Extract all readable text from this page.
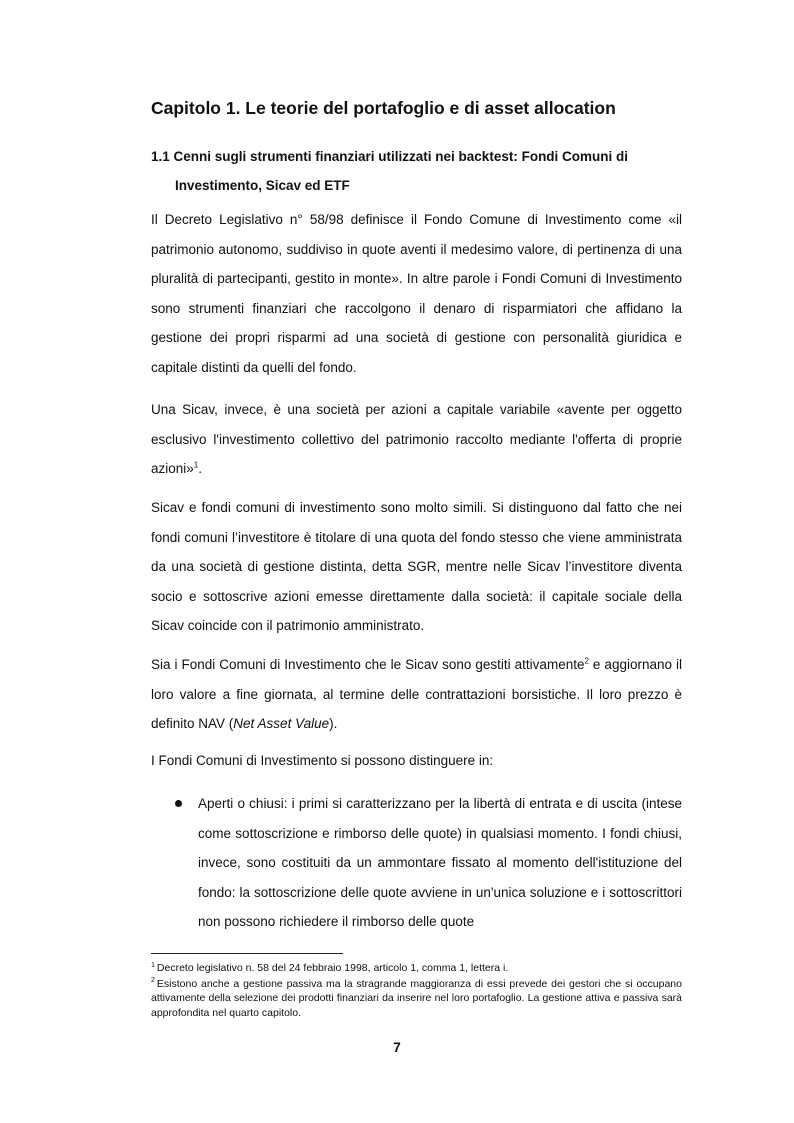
Capitolo 1. Le teorie del portafoglio e di asset allocation
1.1 Cenni sugli strumenti finanziari utilizzati nei backtest: Fondi Comuni di
Investimento, Sicav ed ETF

Il Decreto Legislativo n° 58/98 definisce il Fondo Comune di Investimento come «il patrimonio autonomo, suddiviso in quote aventi il medesimo valore, di pertinenza di una pluralità di partecipanti, gestito in monte». In altre parole i Fondi Comuni di Investimento sono strumenti finanziari che raccolgono il denaro di risparmiatori che affidano la gestione dei propri risparmi ad una società di gestione con personalità giuridica e capitale distinti da quelli del fondo.

Una Sicav, invece, è una società per azioni a capitale variabile «avente per oggetto esclusivo l'investimento collettivo del patrimonio raccolto mediante l'offerta di proprie azioni»$^1$.

Sicav e fondi comuni di investimento sono molto simili. Si distinguono dal fatto che nei fondi comuni l’investitore è titolare di una quota del fondo stesso che viene amministrata da una società di gestione distinta, detta SGR, mentre nelle Sicav l’investitore diventa socio e sottoscrive azioni emesse direttamente dalla società: il capitale sociale della Sicav coincide con il patrimonio amministrato.

Sia i Fondi Comuni di Investimento che le Sicav sono gestiti attivamente$^2$ e aggiornano il loro valore a fine giornata, al termine delle contrattazioni borsistiche. Il loro prezzo è definito NAV (Net Asset Value).

I Fondi Comuni di Investimento si possono distinguere in:

Aperti o chiusi: i primi si caratterizzano per la libertà di entrata e di uscita (intese come sottoscrizione e rimborso delle quote) in qualsiasi momento. I fondi chiusi, invece, sono costituiti da un ammontare fissato al momento dell'istituzione del fondo: la sottoscrizione delle quote avviene in un'unica soluzione e i sottoscrittori non possono richiedere il rimborso delle quote

$^1$ Decreto legislativo n. 58 del 24 febbraio 1998, articolo 1, comma 1, lettera i.

$^2$ Esistono anche a gestione passiva ma la stragrande maggioranza di essi prevede dei gestori che si occupano attivamente della selezione dei prodotti finanziari da inserire nel loro portafoglio. La gestione attiva e passiva sarà approfondita nel quarto capitolo.

7
